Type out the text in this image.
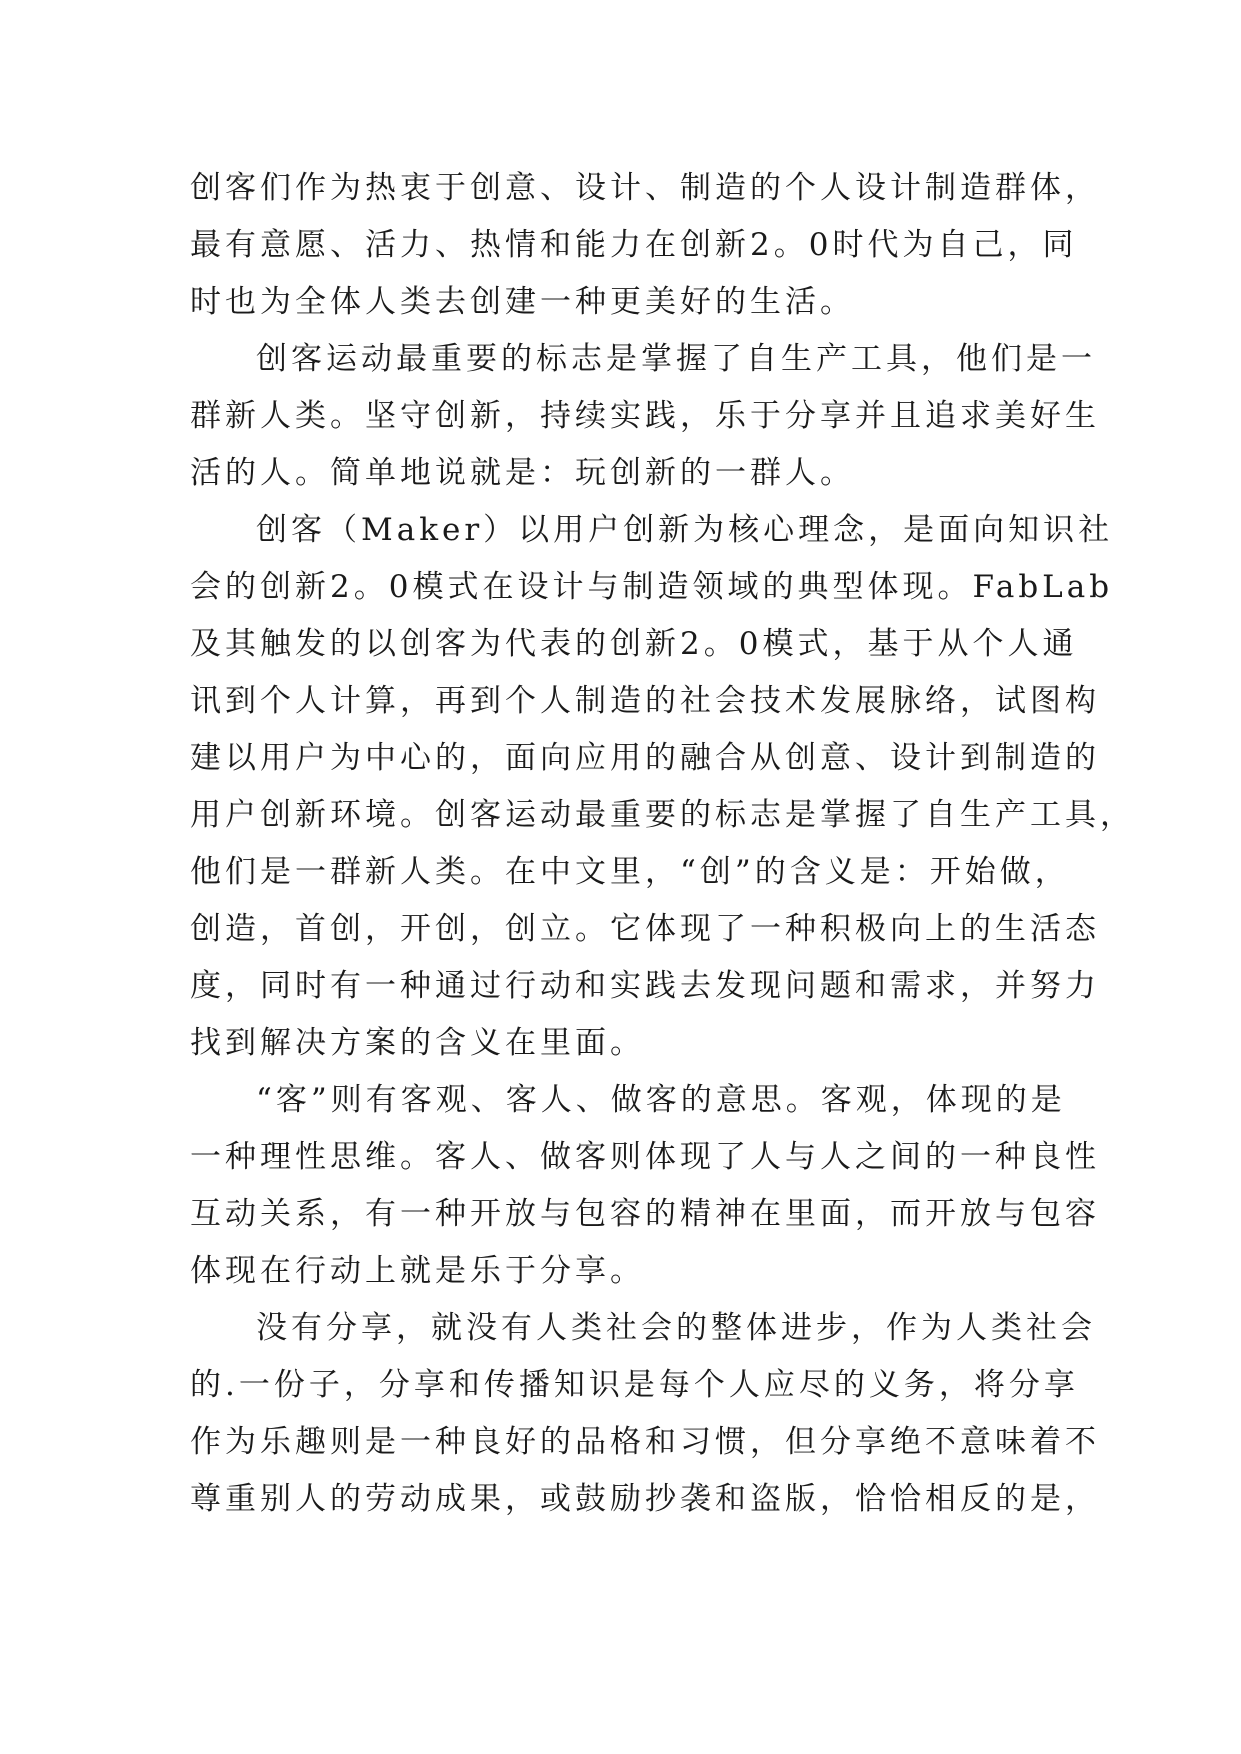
创客们作为热衷于创意、设计、制造的个人设计制造群体，
最有意愿、活力、热情和能力在创新2。0时代为自己，同
时也为全体人类去创建一种更美好的生活。
创客运动最重要的标志是掌握了自生产工具，他们是一
群新人类。坚守创新，持续实践，乐于分享并且追求美好生
活的人。简单地说就是：玩创新的一群人。
创客（Maker）以用户创新为核心理念，是面向知识社
会的创新2。0模式在设计与制造领域的典型体现。FabLab
及其触发的以创客为代表的创新2。0模式，基于从个人通
讯到个人计算，再到个人制造的社会技术发展脉络，试图构
建以用户为中心的，面向应用的融合从创意、设计到制造的
用户创新环境。创客运动最重要的标志是掌握了自生产工具，
他们是一群新人类。在中文里，“创”的含义是：开始做，
创造，首创，开创，创立。它体现了一种积极向上的生活态
度，同时有一种通过行动和实践去发现问题和需求，并努力
找到解决方案的含义在里面。
“客”则有客观、客人、做客的意思。客观，体现的是
一种理性思维。客人、做客则体现了人与人之间的一种良性
互动关系，有一种开放与包容的精神在里面，而开放与包容
体现在行动上就是乐于分享。
没有分享，就没有人类社会的整体进步，作为人类社会
的.一份子，分享和传播知识是每个人应尽的义务，将分享
作为乐趣则是一种良好的品格和习惯，但分享绝不意味着不
尊重别人的劳动成果，或鼓励抄袭和盗版，恰恰相反的是，
